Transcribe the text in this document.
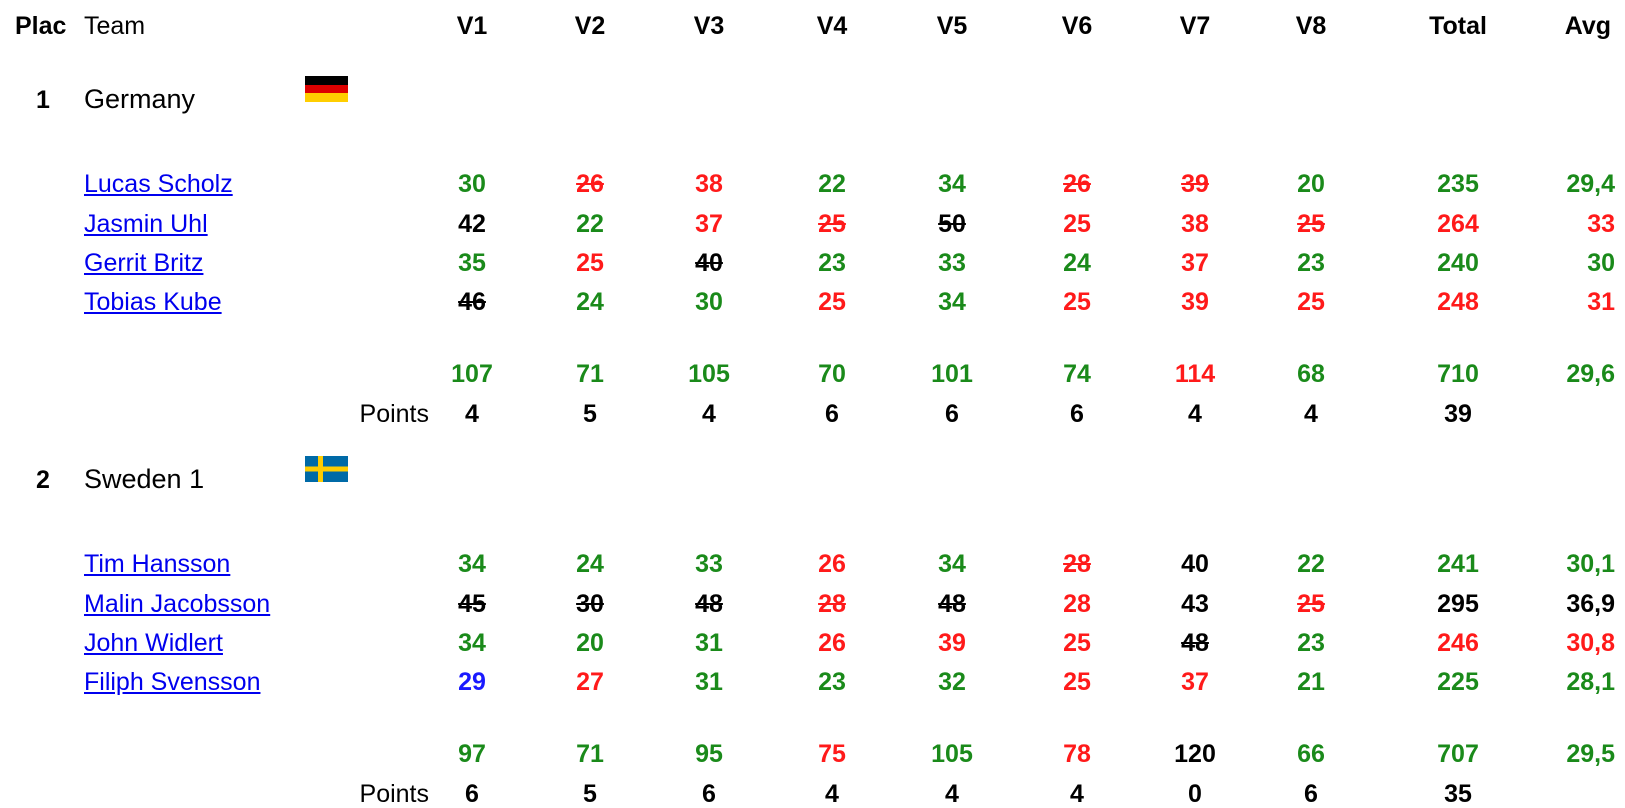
Plac Team	V1	V2	V3	V4	V5	V6	V7	V8	Total	Avg
1 Germany
Lucas Scholz	30	26	38	22	34	26	39	20	235	29,4
Jasmin Uhl	42	22	37	25	50	25	38	25	264	33
Gerrit Britz	35	25	40	23	33	24	37	23	240	30
Tobias Kube	46	24	30	25	34	25	39	25	248	31
107	71	105	70	101	74	114	68	710	29,6
Points 4	5	4	6	6	6	4	4	39
2 Sweden 1
Tim Hansson	34	24	33	26	34	28	40	22	241	30,1
Malin Jacobsson	45	30	48	28	48	28	43	25	295	36,9
John Widlert	34	20	31	26	39	25	48	23	246	30,8
Filiph Svensson	29	27	31	23	32	25	37	21	225	28,1
97	71	95	75	105	78	120	66	707	29,5
Points 6	5	6	4	4	4	0	6	35
